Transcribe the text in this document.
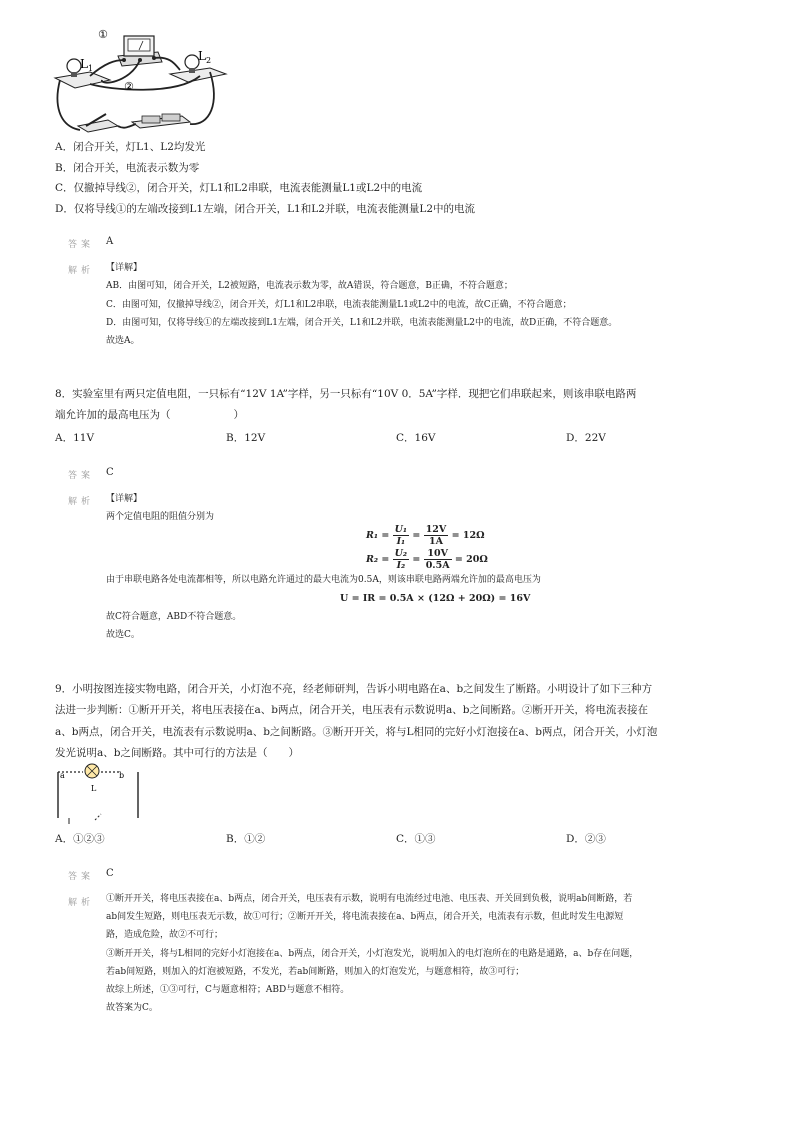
$L_1$
$L_2$
①
②
A．闭合开关，灯L1、L2均发光
B．闭合开关，电流表示数为零
C．仅撤掉导线②，闭合开关，灯L1和L2串联，电流表能测量L1或L2中的电流
D．仅将导线①的左端改接到L1左端，闭合开关，L1和L2并联，电流表能测量L2中的电流
答案 A
解析 【详解】
AB．由图可知，闭合开关，L2被短路，电流表示数为零，故A错误，符合题意，B正确，不符合题意；
C．由图可知，仅撤掉导线②，闭合开关，灯L1和L2串联，电流表能测量L1或L2中的电流，故C正确，不符合题意；
D．由图可知，仅将导线①的左端改接到L1左端，闭合开关，L1和L2并联，电流表能测量L2中的电流，故D正确，不符合题意。
故选A。
8．实验室里有两只定值电阻，一只标有“12V 1A”字样，另一只标有“10V 0．5A”字样．现把它们串联起来，则该串联电路两
端允许加的最高电压为（　　　　　　）
A．11V	B．12V	C．16V	D．22V
答案 C
解析 【详解】
两个定值电阻的阻值分别为
$R_1 = \frac{\text{U₁}}{\text{I₁}} = \frac{12V}{1A} = 12\Omega$
$R_2 = \frac{\text{U₂}}{\text{I₂}} = \frac{10V}{0.5A} = 20\Omega$
由于串联电路各处电流都相等，所以电路允许通过的最大电流为0.5A，则该串联电路两端允许加的最高电压为
U = IR = 0.5A × (12Ω + 20Ω) = 16V
故C符合题意，ABD不符合题意。
故选C。
9．小明按图连接实物电路，闭合开关，小灯泡不亮，经老师研判，告诉小明电路在a、b之间发生了断路。小明设计了如下三种方
法进一步判断：①断开开关，将电压表接在a、b两点，闭合开关，电压表有示数说明a、b之间断路。②断开开关，将电流表接在
a、b两点，闭合开关，电流表有示数说明a、b之间断路。③断开开关，将与L相同的完好小灯泡接在a、b两点，闭合开关，小灯泡
发光说明a、b之间断路。其中可行的方法是（　　）
a	b
L
A．①②③	B．①②	C．①③	D．②③
答案 C
解析 ①断开开关，将电压表接在a、b两点，闭合开关，电压表有示数，说明有电流经过电池、电压表、开关回到负极，说明ab间断路，若
ab间发生短路，则电压表无示数，故①可行；②断开开关，将电流表接在a、b两点，闭合开关，电流表有示数，但此时发生电源短
路，造成危险，故②不可行；
③断开开关，将与L相同的完好小灯泡接在a、b两点，闭合开关，小灯泡发光，说明加入的电灯泡所在的电路是通路，a、b存在问题，
若ab间短路，则加入的灯泡被短路，不发光，若ab间断路，则加入的灯泡发光，与题意相符，故③可行；
故综上所述，①③可行，C与题意相符；ABD与题意不相符。
故答案为C。
